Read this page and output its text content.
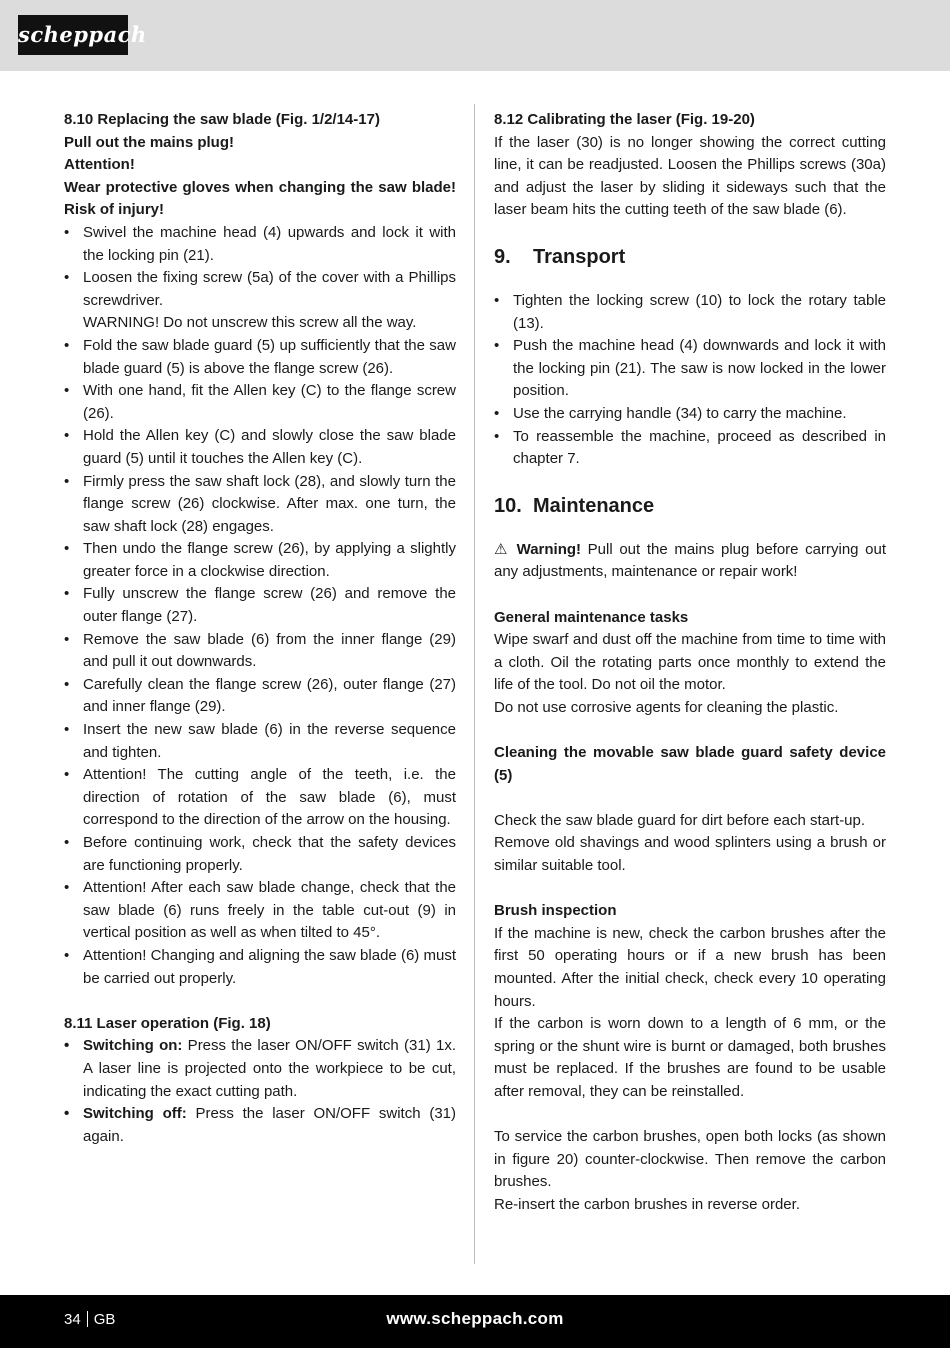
scheppach

8.10 Replacing the saw blade (Fig. 1/2/14-17)

Pull out the mains plug!

Attention!

Wear protective gloves when changing the saw blade! Risk of injury!

• Swivel the machine head (4) upwards and lock it with the locking pin (21).
• Loosen the fixing screw (5a) of the cover with a Phillips screwdriver.
WARNING! Do not unscrew this screw all the way.
• Fold the saw blade guard (5) up sufficiently that the saw blade guard (5) is above the flange screw (26).
• With one hand, fit the Allen key (C) to the flange screw (26).
• Hold the Allen key (C) and slowly close the saw blade guard (5) until it touches the Allen key (C).
• Firmly press the saw shaft lock (28), and slowly turn the flange screw (26) clockwise. After max. one turn, the saw shaft lock (28) engages.
• Then undo the flange screw (26), by applying a slightly greater force in a clockwise direction.
• Fully unscrew the flange screw (26) and remove the outer flange (27).
• Remove the saw blade (6) from the inner flange (29) and pull it out downwards.
• Carefully clean the flange screw (26), outer flange (27) and inner flange (29).
• Insert the new saw blade (6) in the reverse sequence and tighten.
• Attention! The cutting angle of the teeth, i.e. the direction of rotation of the saw blade (6), must correspond to the direction of the arrow on the housing.
• Before continuing work, check that the safety devices are functioning properly.
• Attention! After each saw blade change, check that the saw blade (6) runs freely in the table cut-out (9) in vertical position as well as when tilted to 45°.
• Attention! Changing and aligning the saw blade (6) must be carried out properly.

8.11 Laser operation (Fig. 18)

• Switching on: Press the laser ON/OFF switch (31) 1x. A laser line is projected onto the workpiece to be cut, indicating the exact cutting path.
• Switching off: Press the laser ON/OFF switch (31) again.

8.12 Calibrating the laser (Fig. 19-20)

If the laser (30) is no longer showing the correct cutting line, it can be readjusted. Loosen the Phillips screws (30a) and adjust the laser by sliding it sideways such that the laser beam hits the cutting teeth of the saw blade (6).

9. Transport

• Tighten the locking screw (10) to lock the rotary table (13).
• Push the machine head (4) downwards and lock it with the locking pin (21). The saw is now locked in the lower position.
• Use the carrying handle (34) to carry the machine.
• To reassemble the machine, proceed as described in chapter 7.

10. Maintenance

⚠ Warning! Pull out the mains plug before carrying out any adjustments, maintenance or repair work!

General maintenance tasks

Wipe swarf and dust off the machine from time to time with a cloth. Oil the rotating parts once monthly to extend the life of the tool. Do not oil the motor.

Do not use corrosive agents for cleaning the plastic.

Cleaning the movable saw blade guard safety device (5)

Check the saw blade guard for dirt before each start-up.

Remove old shavings and wood splinters using a brush or similar suitable tool.

Brush inspection

If the machine is new, check the carbon brushes after the first 50 operating hours or if a new brush has been mounted. After the initial check, check every 10 operating hours.

If the carbon is worn down to a length of 6 mm, or the spring or the shunt wire is burnt or damaged, both brushes must be replaced. If the brushes are found to be usable after removal, they can be reinstalled.

To service the carbon brushes, open both locks (as shown in figure 20) counter-clockwise. Then remove the carbon brushes.

Re-insert the carbon brushes in reverse order.

34 GB	www.scheppach.com
